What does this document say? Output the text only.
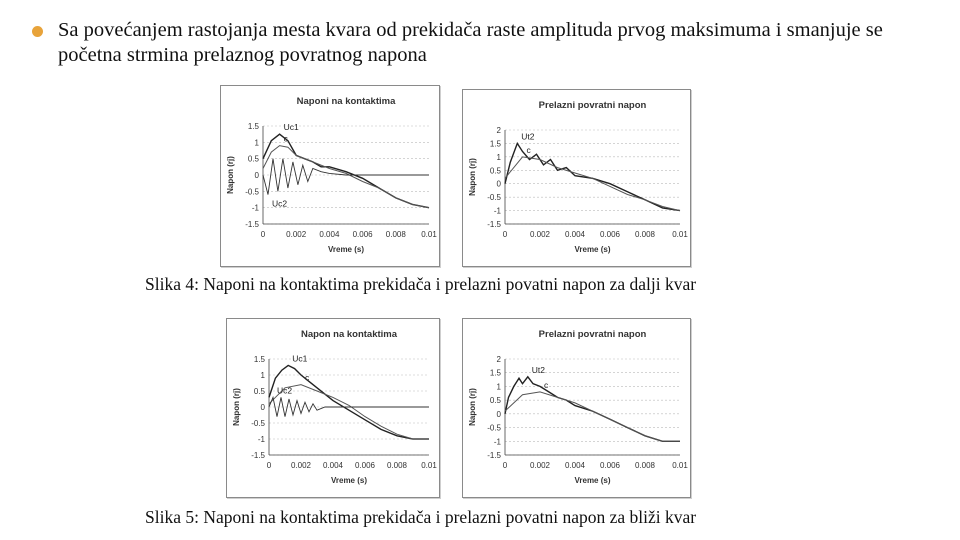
Sa povećanjem rastojanja mesta kvara od prekidača raste amplituda prvog maksimuma i smanjuje se početna strmina prelaznog povratnog napona
Naponi na kontaktima
1.5
1
0.5
0
-0.5
-1
-1.5
0	0.002 0.004 0.006 0.008 0.01
Vreme (s)
Napon (rj)
Uc1
c
Uc2
Prelazni povratni napon
2
1.5
1
0.5
0
-0.5
-1
-1.5
0	0.002 0.004 0.006 0.008 0.01
Vreme (s)
Napon (rj)
Ut2
c
Slika 4: Naponi na kontaktima prekidača i prelazni povatni napon za dalji kvar
Napon na kontaktima
1.5
1
0.5
0
-0.5
-1
-1.5
0 0.002 0.004 0.006 0.008 0.01
Vreme (s)
Napon (rj)
Uc1
c
Uc2
Prelazni povratni napon
2
1.5
1
0.5
0
-0.5
-1
-1.5
0	0.002 0.004 0.006 0.008 0.01
Vreme (s)
Napon (rj)
Ut2
c
Slika 5: Naponi na kontaktima prekidača i prelazni povatni napon za bliži kvar
